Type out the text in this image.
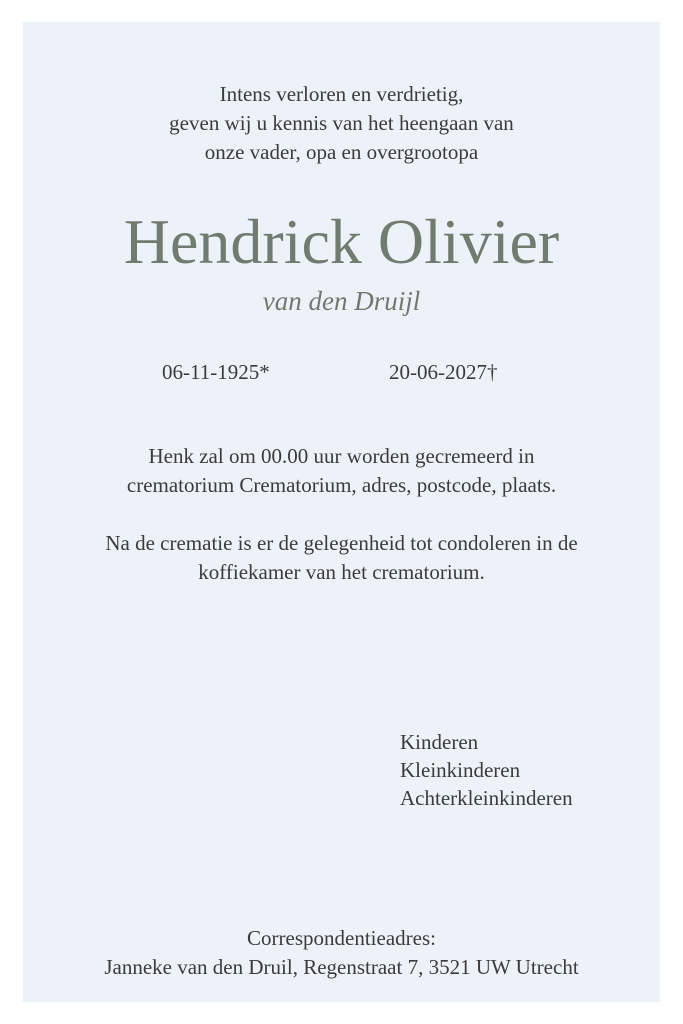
Intens verloren en verdrietig,
geven wij u kennis van het heengaan van
onze vader, opa en overgrootopa
Hendrick Olivier
van den Druijl
06-11-1925*	20-06-2027†
Henk zal om 00.00 uur worden gecremeerd in
crematorium Crematorium, adres, postcode, plaats.
Na de crematie is er de gelegenheid tot condoleren in de
koffiekamer van het crematorium.
Kinderen
Kleinkinderen
Achterkleinkinderen
Correspondentieadres:
Janneke van den Druil, Regenstraat 7, 3521 UW Utrecht
